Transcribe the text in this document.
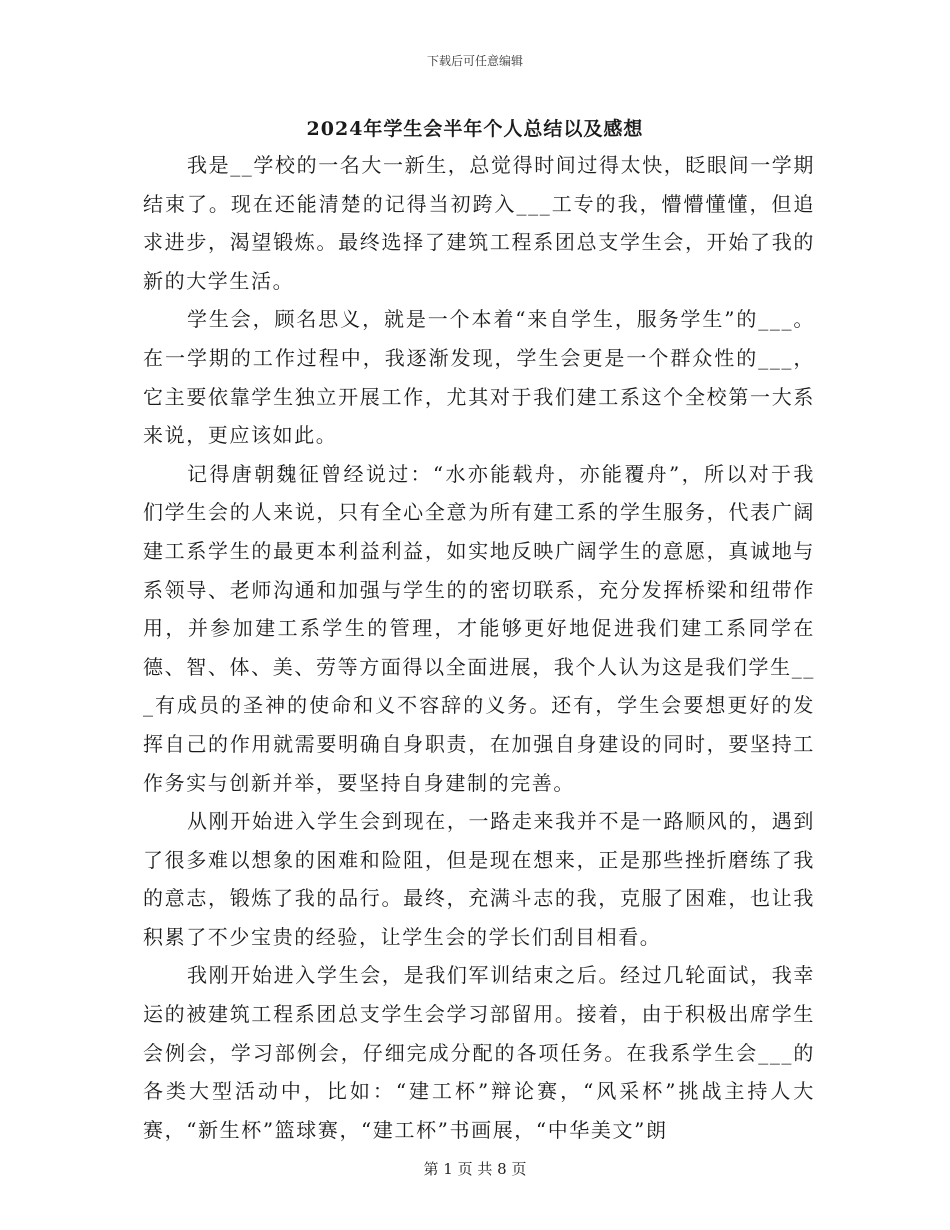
下载后可任意编辑
2024年学生会半年个人总结以及感想

我是__学校的一名大一新生，总觉得时间过得太快，眨眼间一学期结束了。现在还能清楚的记得当初跨入___工专的我，懵懵懂懂，但追求进步，渴望锻炼。最终选择了建筑工程系团总支学生会，开始了我的新的大学生活。

学生会，顾名思义，就是一个本着“来自学生，服务学生”的___。在一学期的工作过程中，我逐渐发现，学生会更是一个群众性的___，它主要依靠学生独立开展工作，尤其对于我们建工系这个全校第一大系来说，更应该如此。

记得唐朝魏征曾经说过：“水亦能载舟，亦能覆舟”，所以对于我们学生会的人来说，只有全心全意为所有建工系的学生服务，代表广阔建工系学生的最更本利益利益，如实地反映广阔学生的意愿，真诚地与系领导、老师沟通和加强与学生的的密切联系，充分发挥桥梁和纽带作用，并参加建工系学生的管理，才能够更好地促进我们建工系同学在德、智、体、美、劳等方面得以全面进展，我个人认为这是我们学生___有成员的圣神的使命和义不容辞的义务。还有，学生会要想更好的发挥自己的作用就需要明确自身职责，在加强自身建设的同时，要坚持工作务实与创新并举，要坚持自身建制的完善。

从刚开始进入学生会到现在，一路走来我并不是一路顺风的，遇到了很多难以想象的困难和险阻，但是现在想来，正是那些挫折磨练了我的意志，锻炼了我的品行。最终，充满斗志的我，克服了困难，也让我积累了不少宝贵的经验，让学生会的学长们刮目相看。

我刚开始进入学生会，是我们军训结束之后。经过几轮面试，我幸运的被建筑工程系团总支学生会学习部留用。接着，由于积极出席学生会例会，学习部例会，仔细完成分配的各项任务。在我系学生会___的各类大型活动中，比如：“建工杯”辩论赛，“风采杯”挑战主持人大赛，“新生杯”篮球赛，“建工杯”书画展，“中华美文”朗

第 1 页 共 8 页
